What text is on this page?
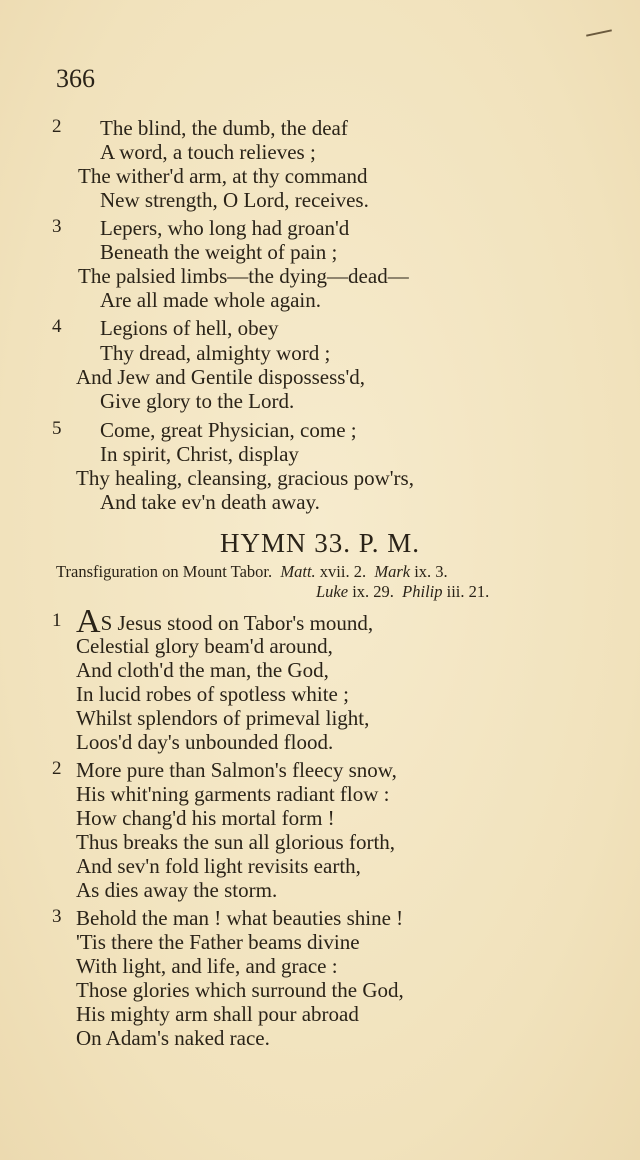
366
2 The blind, the dumb, the deaf
A word, a touch relieves ;
The wither'd arm, at thy command
New strength, O Lord, receives.
3 Lepers, who long had groan'd
Beneath the weight of pain ;
The palsied limbs—the dying—dead—
Are all made whole again.
4 Legions of hell, obey
Thy dread, almighty word ;
And Jew and Gentile dispossess'd,
Give glory to the Lord.
5 Come, great Physician, come ;
In spirit, Christ, display
Thy healing, cleansing, gracious pow'rs,
And take ev'n death away.
HYMN 33. P. M.
Transfiguration on Mount Tabor. Matt. xvii. 2. Mark ix. 3.
Luke ix. 29. Philip iii. 21.
1 AS Jesus stood on Tabor's mound,
Celestial glory beam'd around,
And cloth'd the man, the God,
In lucid robes of spotless white ;
Whilst splendors of primeval light,
Loos'd day's unbounded flood.
2 More pure than Salmon's fleecy snow,
His whit'ning garments radiant flow :
How chang'd his mortal form !
Thus breaks the sun all glorious forth,
And sev'n fold light revisits earth,
As dies away the storm.
3 Behold the man ! what beauties shine !
'Tis there the Father beams divine
With light, and life, and grace :
Those glories which surround the God,
His mighty arm shall pour abroad
On Adam's naked race.
